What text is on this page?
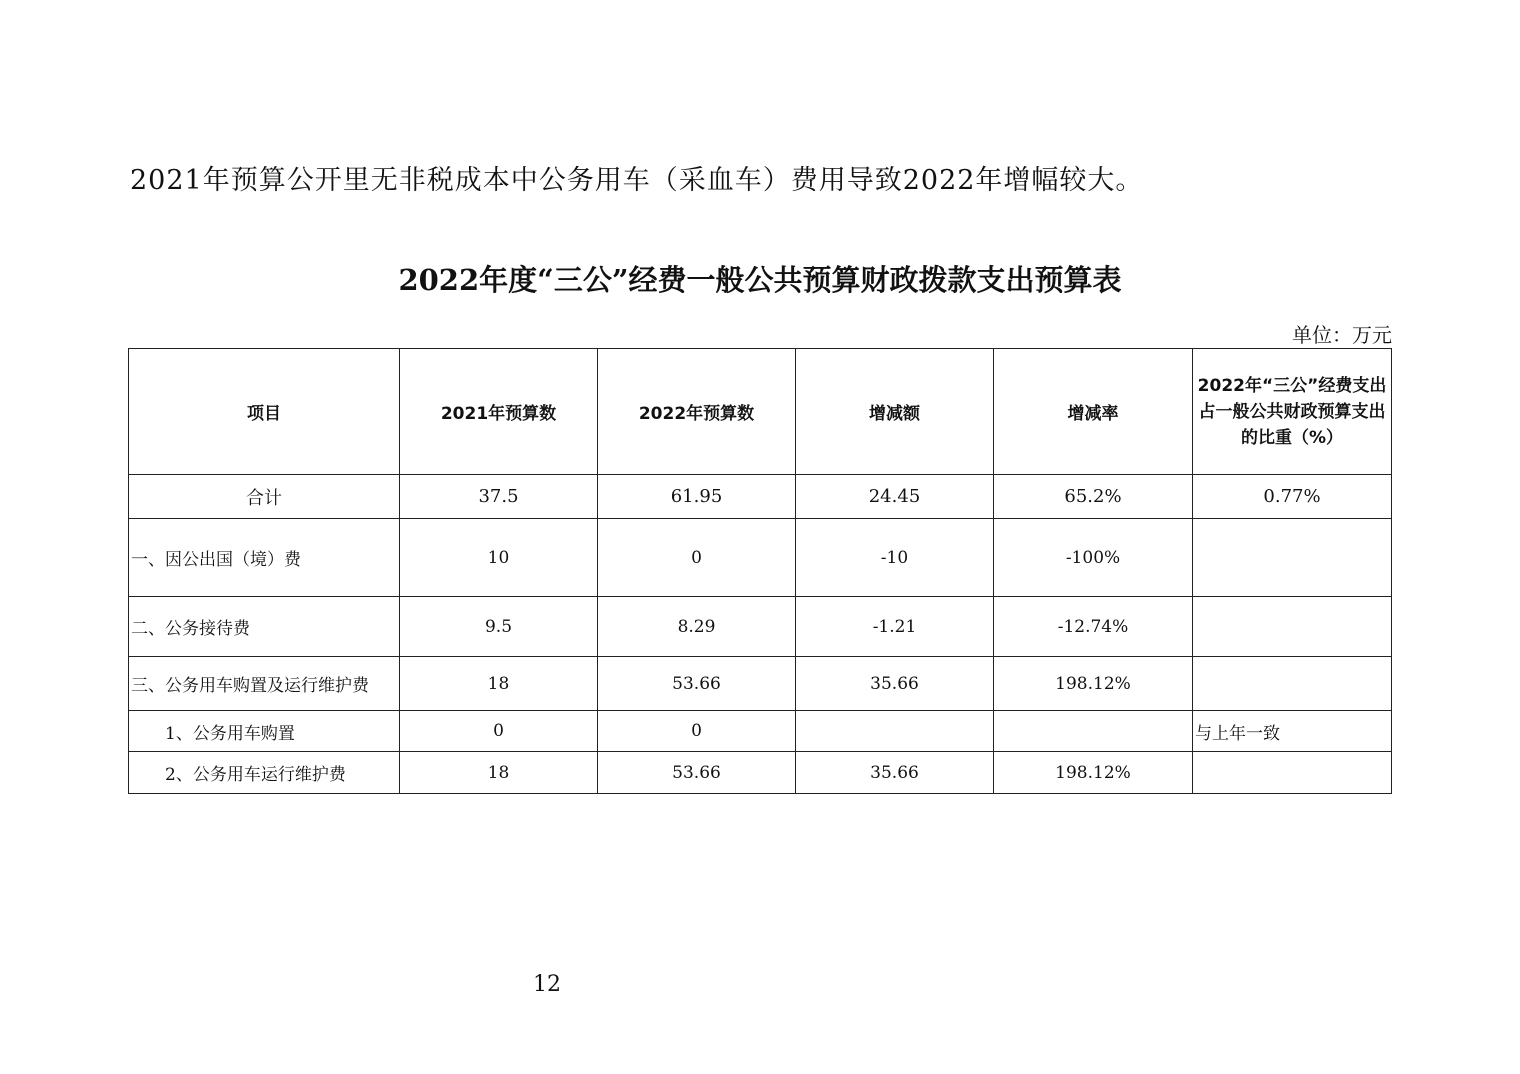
2021年预算公开里无非税成本中公务用车（采血车）费用导致2022年增幅较大。
2022年度“三公”经费一般公共预算财政拨款支出预算表
单位：万元
项目	2021年预算数	2022年预算数	增减额	增减率	2022年“三公”经费支出占一般公共财政预算支出的比重（%）
合计	37.5	61.95	24.45	65.2%	0.77%
一、因公出国（境）费	10	0	-10	-100%	
二、公务接待费	9.5	8.29	-1.21	-12.74%	
三、公务用车购置及运行维护费	18	53.66	35.66	198.12%	
1、公务用车购置	0	0			与上年一致
2、公务用车运行维护费	18	53.66	35.66	198.12%	
12
